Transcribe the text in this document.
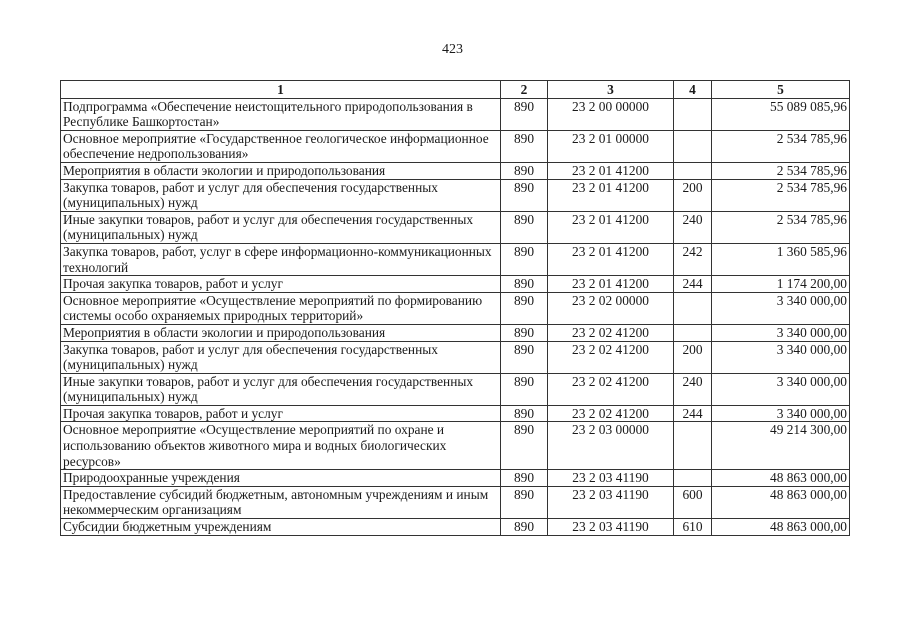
423
1	2	3	4	5
Подпрограмма «Обеспечение неистощительного природопользования в Республике Башкортостан»	890	23 2 00 00000		55 089 085,96
Основное мероприятие «Государственное геологическое информационное обеспечение недропользования»	890	23 2 01 00000		2 534 785,96
Мероприятия в области экологии и природопользования	890	23 2 01 41200		2 534 785,96
Закупка товаров, работ и услуг для обеспечения государственных (муниципальных) нужд	890	23 2 01 41200	200	2 534 785,96
Иные закупки товаров, работ и услуг для обеспечения государственных (муниципальных) нужд	890	23 2 01 41200	240	2 534 785,96
Закупка товаров, работ, услуг в сфере информационно-коммуникационных технологий	890	23 2 01 41200	242	1 360 585,96
Прочая закупка товаров, работ и услуг	890	23 2 01 41200	244	1 174 200,00
Основное мероприятие «Осуществление мероприятий по формированию системы особо охраняемых природных территорий»	890	23 2 02 00000		3 340 000,00
Мероприятия в области экологии и природопользования	890	23 2 02 41200		3 340 000,00
Закупка товаров, работ и услуг для обеспечения государственных (муниципальных) нужд	890	23 2 02 41200	200	3 340 000,00
Иные закупки товаров, работ и услуг для обеспечения государственных (муниципальных) нужд	890	23 2 02 41200	240	3 340 000,00
Прочая закупка товаров, работ и услуг	890	23 2 02 41200	244	3 340 000,00
Основное мероприятие «Осуществление мероприятий по охране и использованию объектов животного мира и водных биологических ресурсов»	890	23 2 03 00000		49 214 300,00
Природоохранные учреждения	890	23 2 03 41190		48 863 000,00
Предоставление субсидий бюджетным, автономным учреждениям и иным некоммерческим организациям	890	23 2 03 41190	600	48 863 000,00
Субсидии бюджетным учреждениям	890	23 2 03 41190	610	48 863 000,00
